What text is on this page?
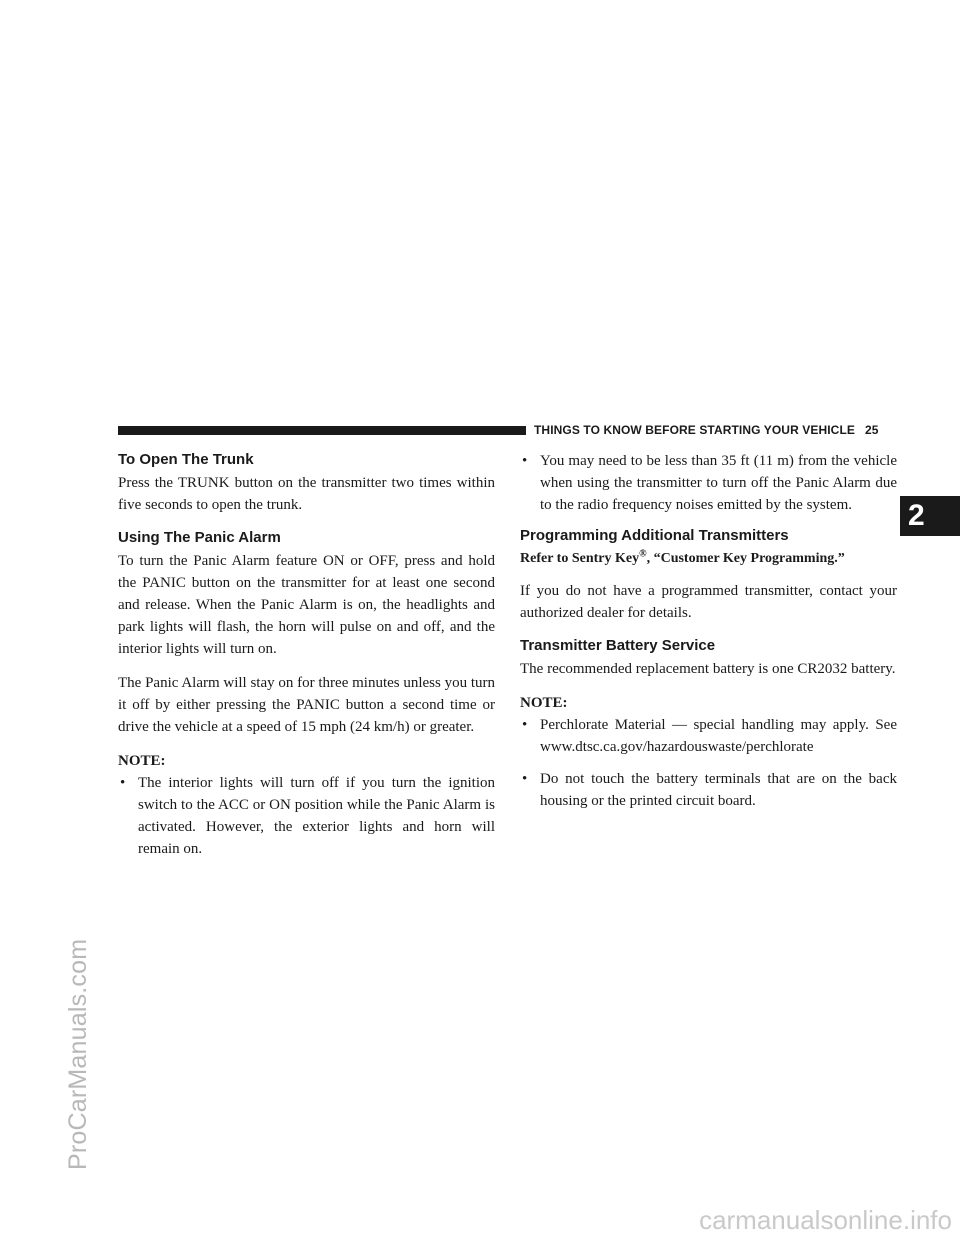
THINGS TO KNOW BEFORE STARTING YOUR VEHICLE 25
2
ProCarManuals.com
carmanualsonline.info
To Open The Trunk

Press the TRUNK button on the transmitter two times within five seconds to open the trunk.

Using The Panic Alarm

To turn the Panic Alarm feature ON or OFF, press and hold the PANIC button on the transmitter for at least one second and release. When the Panic Alarm is on, the headlights and park lights will flash, the horn will pulse on and off, and the interior lights will turn on.

The Panic Alarm will stay on for three minutes unless you turn it off by either pressing the PANIC button a second time or drive the vehicle at a speed of 15 mph (24 km/h) or greater.

NOTE:

• The interior lights will turn off if you turn the ignition switch to the ACC or ON position while the Panic Alarm is activated. However, the exterior lights and horn will remain on.
• You may need to be less than 35 ft (11 m) from the vehicle when using the transmitter to turn off the Panic Alarm due to the radio frequency noises emitted by the system.
Programming Additional Transmitters

Refer to Sentry Key®, “Customer Key Programming.”

If you do not have a programmed transmitter, contact your authorized dealer for details.

Transmitter Battery Service

The recommended replacement battery is one CR2032 battery.

NOTE:

• Perchlorate Material — special handling may apply. See www.dtsc.ca.gov/hazardouswaste/perchlorate
• Do not touch the battery terminals that are on the back housing or the printed circuit board.
